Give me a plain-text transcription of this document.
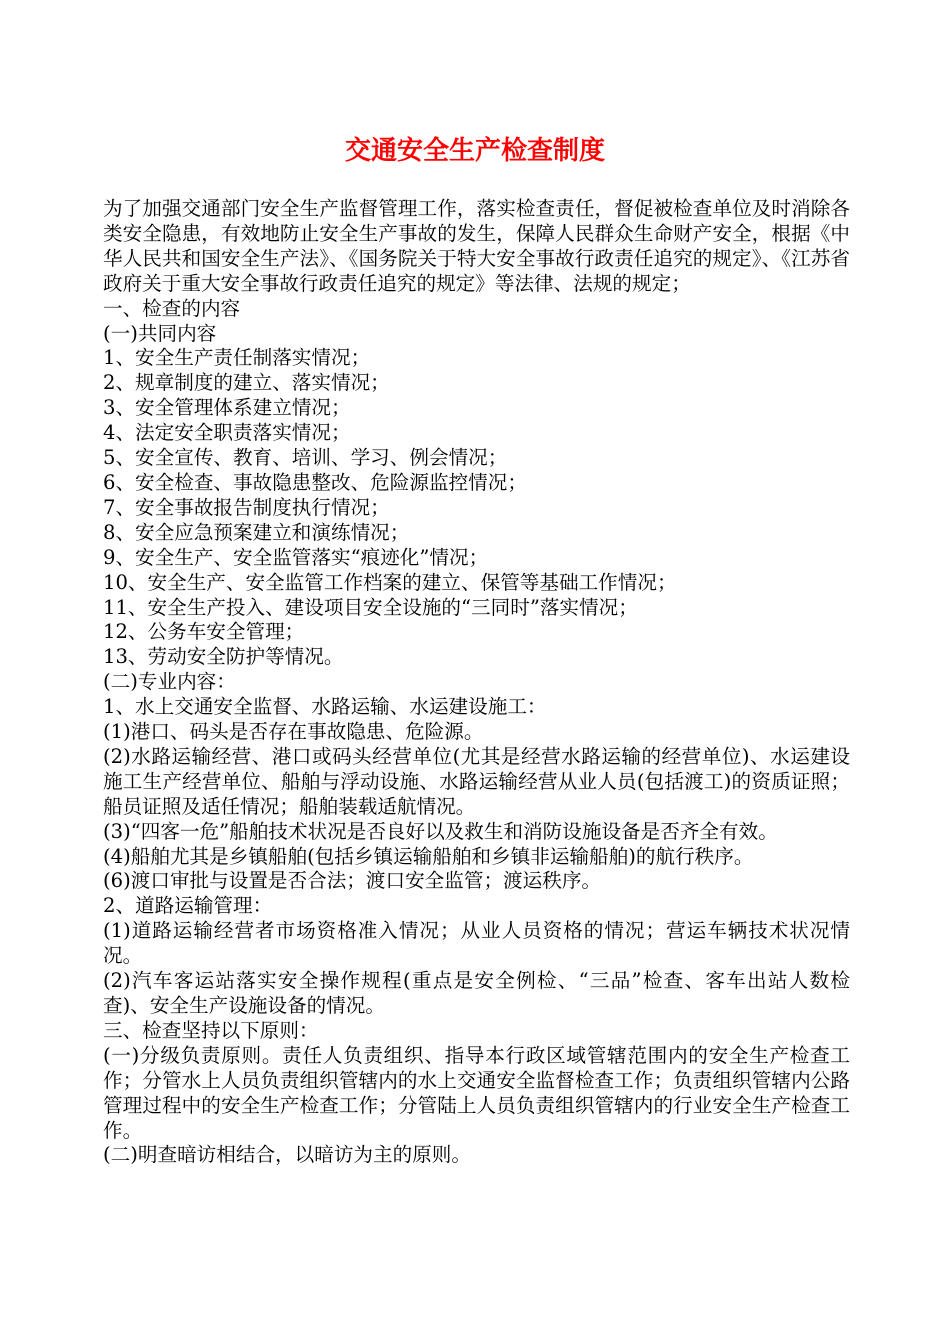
交通安全生产检查制度

为了加强交通部门安全生产监督管理工作，落实检查责任，督促被检查单位及时消除各类安全隐患，有效地防止安全生产事故的发生，保障人民群众生命财产安全，根据《中华人民共和国安全生产法》、《国务院关于特大安全事故行政责任追究的规定》、《江苏省政府关于重大安全事故行政责任追究的规定》等法律、法规的规定；

一、检查的内容

(一)共同内容

1、安全生产责任制落实情况；

2、规章制度的建立、落实情况；

3、安全管理体系建立情况；

4、法定安全职责落实情况；

5、安全宣传、教育、培训、学习、例会情况；

6、安全检查、事故隐患整改、危险源监控情况；

7、安全事故报告制度执行情况；

8、安全应急预案建立和演练情况；

9、安全生产、安全监管落实“痕迹化”情况；

10、安全生产、安全监管工作档案的建立、保管等基础工作情况；

11、安全生产投入、建设项目安全设施的“三同时”落实情况；

12、公务车安全管理；

13、劳动安全防护等情况。

(二)专业内容：

1、水上交通安全监督、水路运输、水运建设施工：

(1)港口、码头是否存在事故隐患、危险源。

(2)水路运输经营、港口或码头经营单位(尤其是经营水路运输的经营单位)、水运建设施工生产经营单位、船舶与浮动设施、水路运输经营从业人员(包括渡工)的资质证照；船员证照及适任情况；船舶装载适航情况。

(3)“四客一危”船舶技术状况是否良好以及救生和消防设施设备是否齐全有效。

(4)船舶尤其是乡镇船舶(包括乡镇运输船舶和乡镇非运输船舶)的航行秩序。

(6)渡口审批与设置是否合法；渡口安全监管；渡运秩序。

2、道路运输管理：

(1)道路运输经营者市场资格准入情况；从业人员资格的情况；营运车辆技术状况情况。

(2)汽车客运站落实安全操作规程(重点是安全例检、“三品”检查、客车出站人数检查)、安全生产设施设备的情况。

三、检查坚持以下原则：

(一)分级负责原则。责任人负责组织、指导本行政区域管辖范围内的安全生产检查工作；分管水上人员负责组织管辖内的水上交通安全监督检查工作；负责组织管辖内公路管理过程中的安全生产检查工作；分管陆上人员负责组织管辖内的行业安全生产检查工作。

(二)明查暗访相结合，以暗访为主的原则。
